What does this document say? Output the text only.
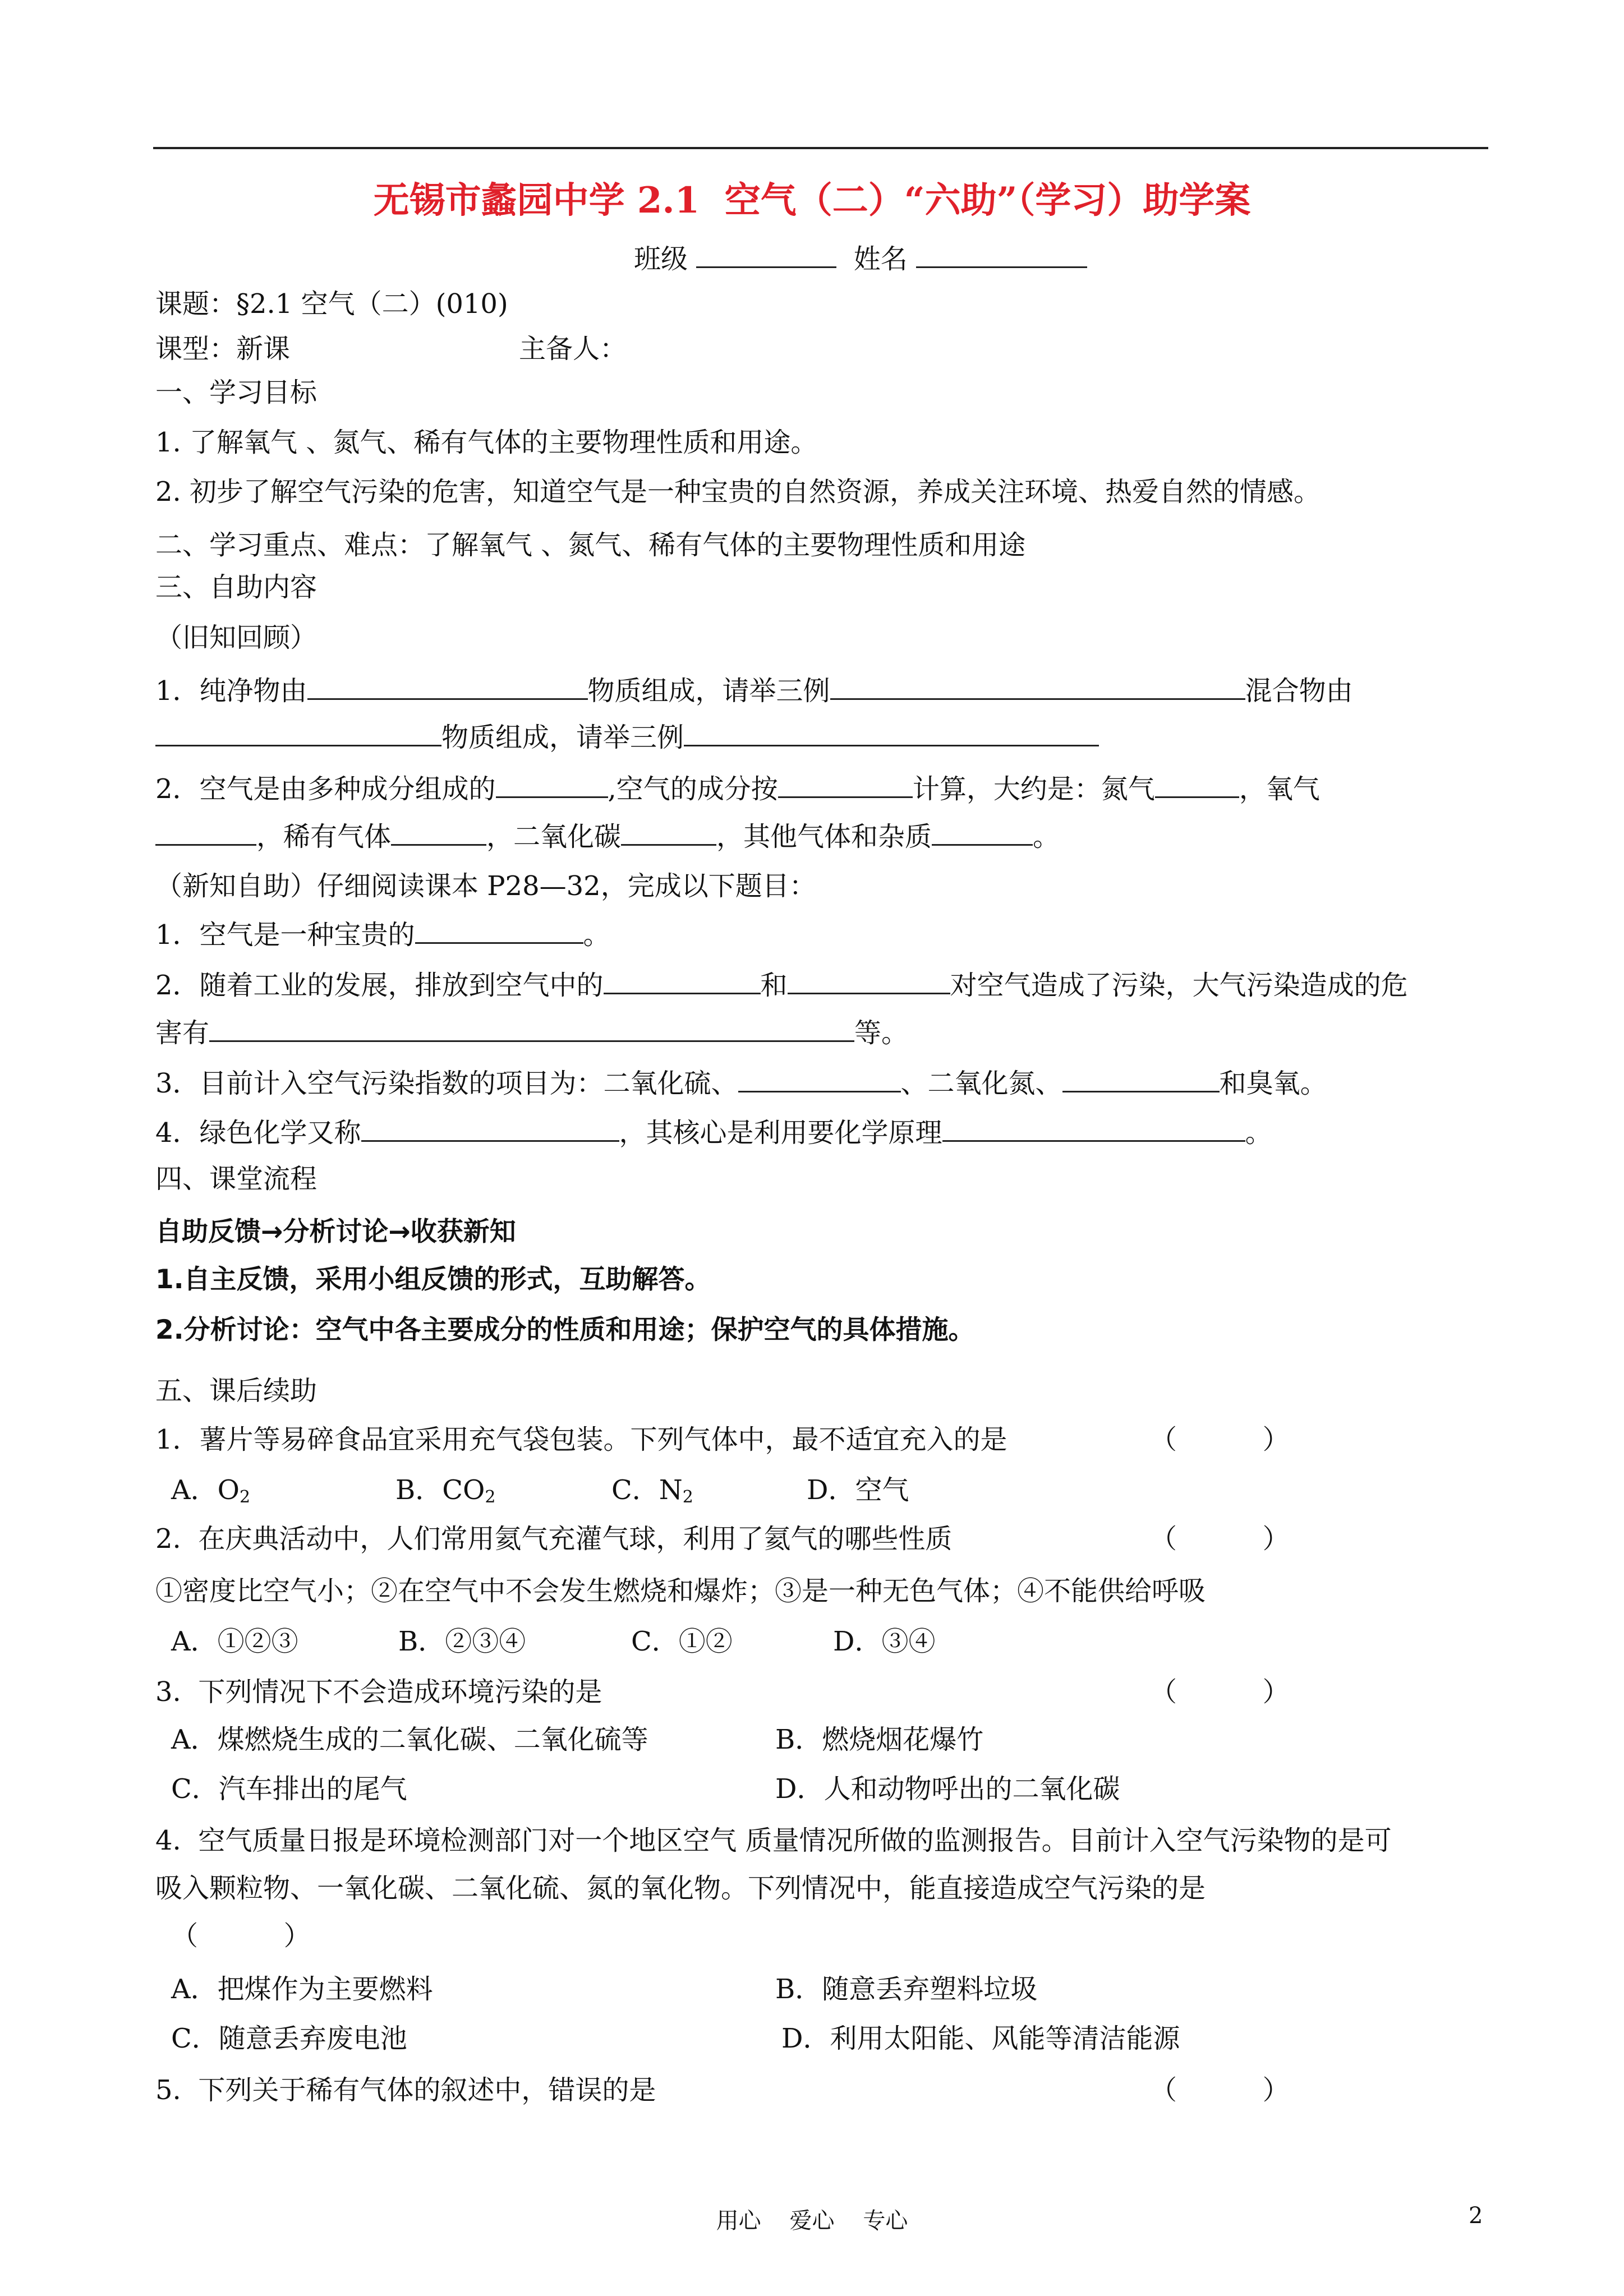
无锡市蠡园中学 2.1  空气（二）“六助”（学习）助学案
班级	姓名
课题：§2.1 空气（二）(010)
课型：新课	主备人：
一、学习目标
1. 了解氧气 、氮气、稀有气体的主要物理性质和用途。
2. 初步了解空气污染的危害，知道空气是一种宝贵的自然资源，养成关注环境、热爱自然的情感。
二、学习重点、难点：了解氧气 、氮气、稀有气体的主要物理性质和用途
三、自助内容
（旧知回顾）
1．纯净物由	物质组成，请举三例	混合物由
物质组成，请举三例
2．空气是由多种成分组成的	,空气的成分按	计算，大约是：氮气	，氧气
，稀有气体	，二氧化碳	，其他气体和杂质	。
（新知自助）仔细阅读课本 P28—32，完成以下题目：
1．空气是一种宝贵的	。
2．随着工业的发展，排放到空气中的	和	对空气造成了污染，大气污染造成的危
害有	等。
3．目前计入空气污染指数的项目为：二氧化硫、	、二氧化氮、	和臭氧。
4．绿色化学又称	，其核心是利用要化学原理	。
四、课堂流程
自助反馈→分析讨论→收获新知
1.自主反馈，采用小组反馈的形式，互助解答。
2.分析讨论：空气中各主要成分的性质和用途；保护空气的具体措施。
五、课后续助
1．薯片等易碎食品宜采用充气袋包装。下列气体中，最不适宜充入的是	（          ）
A．$O_2$	B．$CO_2$	C．$N_2$	D．空气
2.  在庆典活动中，人们常用氦气充灌气球，利用了氦气的哪些性质	（          ）
①密度比空气小；②在空气中不会发生燃烧和爆炸；③是一种无色气体；④不能供给呼吸
A．①②③	B．②③④	C．①②	D．③④
3.  下列情况下不会造成环境污染的是	（          ）
A．煤燃烧生成的二氧化碳、二氧化硫等	B．燃烧烟花爆竹
C．汽车排出的尾气	D．人和动物呼出的二氧化碳
4.  空气质量日报是环境检测部门对一个地区空气 质量情况所做的监测报告。目前计入空气污染物的是可
吸入颗粒物、一氧化碳、二氧化硫、氮的氧化物。下列情况中，能直接造成空气污染的是
（          ）
A．把煤作为主要燃料	B．随意丢弃塑料垃圾
C．随意丢弃废电池	D．利用太阳能、风能等清洁能源
5.  下列关于稀有气体的叙述中，错误的是	（          ）
用心    爱心    专心	2
